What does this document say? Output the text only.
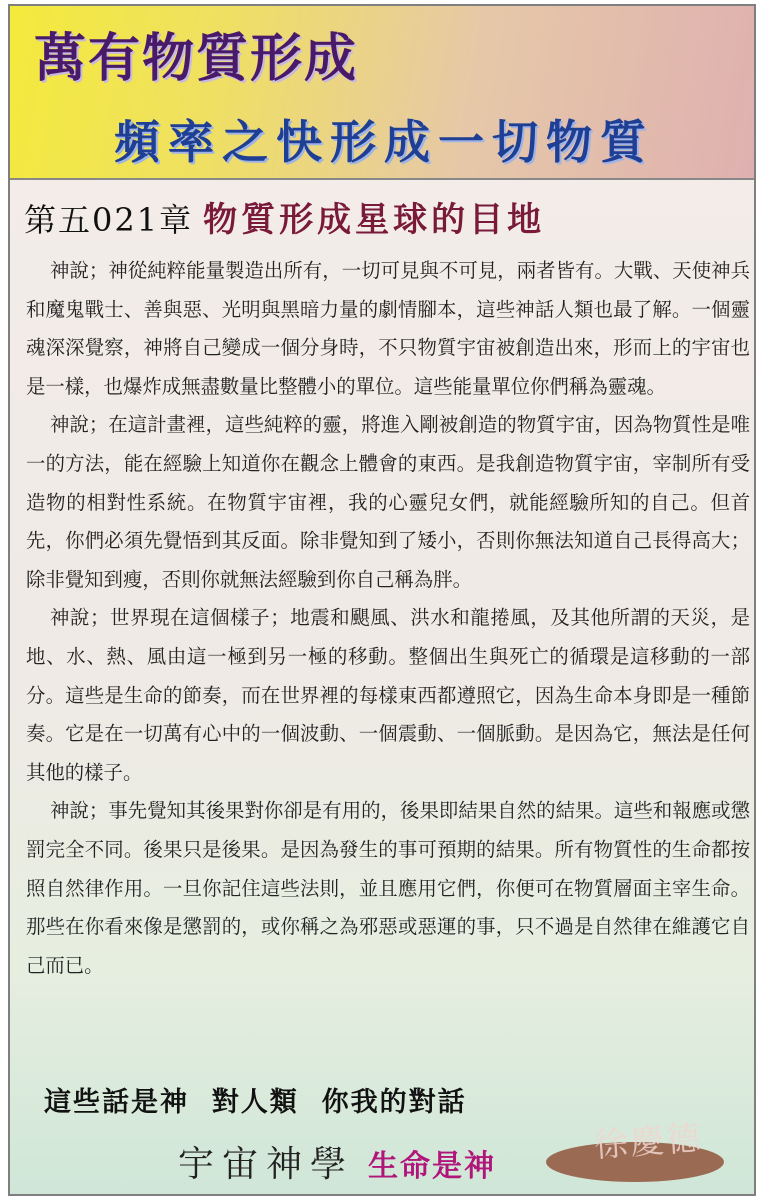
萬有物質形成
頻率之快形成一切物質
第五021章 物質形成星球的目地

神說；神從純粹能量製造出所有，一切可見與不可見，兩者皆有。大戰、天使神兵和魔鬼戰士、善與惡、光明與黑暗力量的劇情腳本，這些神話人類也最了解。一個靈魂深深覺察，神將自己變成一個分身時，不只物質宇宙被創造出來，形而上的宇宙也是一樣，也爆炸成無盡數量比整體小的單位。這些能量單位你們稱為靈魂。

神說；在這計畫裡，這些純粹的靈，將進入剛被創造的物質宇宙，因為物質性是唯一的方法，能在經驗上知道你在觀念上體會的東西。是我創造物質宇宙，宰制所有受造物的相對性系統。在物質宇宙裡，我的心靈兒女們，就能經驗所知的自己。但首先，你們必須先覺悟到其反面。除非覺知到了矮小，否則你無法知道自己長得高大；除非覺知到瘦，否則你就無法經驗到你自己稱為胖。

神說；世界現在這個樣子；地震和颶風、洪水和龍捲風，及其他所謂的天災，是地、水、熱、風由這一極到另一極的移動。整個出生與死亡的循環是這移動的一部分。這些是生命的節奏，而在世界裡的每樣東西都遵照它，因為生命本身即是一種節奏。它是在一切萬有心中的一個波動、一個震動、一個脈動。是因為它，無法是任何其他的樣子。

神說；事先覺知其後果對你卻是有用的，後果即結果自然的結果。這些和報應或懲罰完全不同。後果只是後果。是因為發生的事可預期的結果。所有物質性的生命都按照自然律作用。一旦你記住這些法則，並且應用它們，你便可在物質層面主宰生命。那些在你看來像是懲罰的，或你稱之為邪惡或惡運的事，只不過是自然律在維護它自己而已。

這些話是神  對人類  你我的對話
宇宙神學 生命是神
徐慶德
